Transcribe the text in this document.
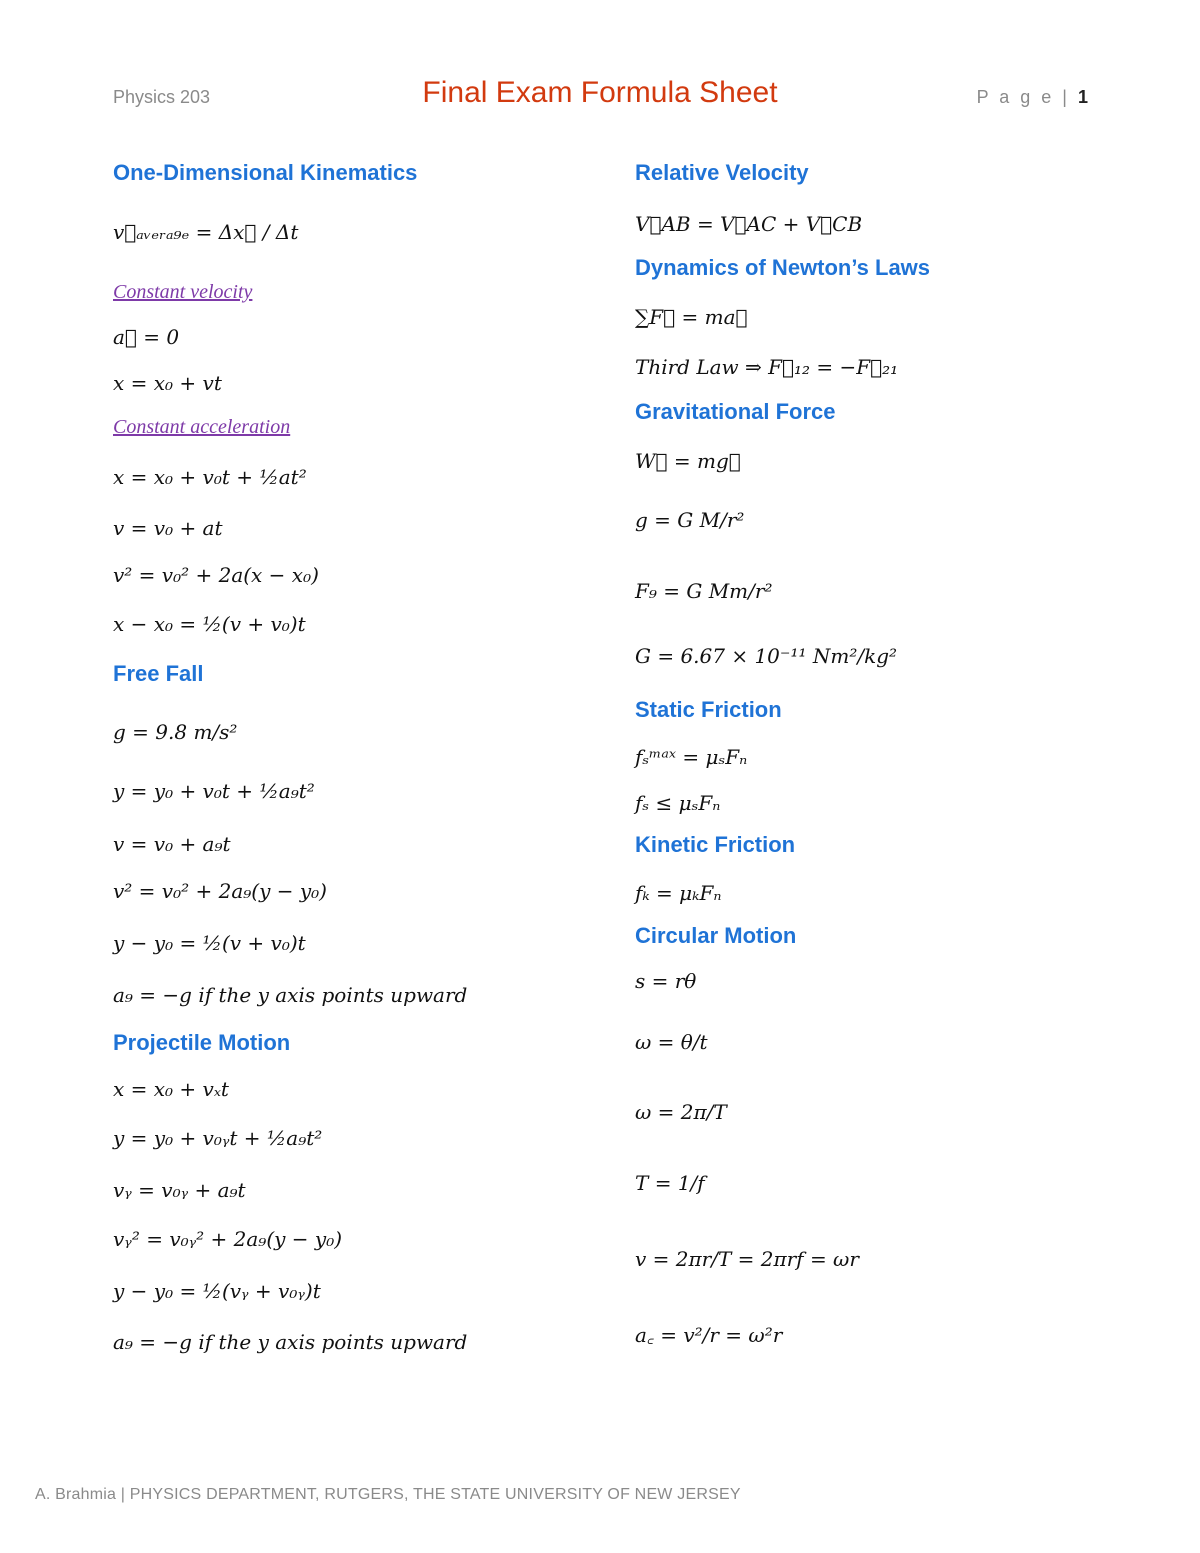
Physics 203	Final Exam Formula Sheet	P a g e | 1
One-Dimensional Kinematics
v⃗ₐᵥₑᵣₐ₉ₑ = Δx⃗ / Δt
Constant velocity
a⃗ = 0
x = x₀ + vt
Constant acceleration
x = x₀ + v₀t + ½at²
v = v₀ + at
v² = v₀² + 2a(x − x₀)
x − x₀ = ½(v + v₀)t
Free Fall
g = 9.8 m/s²
y = y₀ + v₀t + ½a₉t²
v = v₀ + a₉t
v² = v₀² + 2a₉(y − y₀)
y − y₀ = ½(v + v₀)t
a₉ = −g if the y axis points upward
Projectile Motion
x = x₀ + vₓt
y = y₀ + v₀ᵧt + ½a₉t²
vᵧ = v₀ᵧ + a₉t
vᵧ² = v₀ᵧ² + 2a₉(y − y₀)
y − y₀ = ½(vᵧ + v₀ᵧ)t
a₉ = −g if the y axis points upward
Relative Velocity
V⃗AB = V⃗AC + V⃗CB
Dynamics of Newton’s Laws
∑F⃗ = ma⃗
Third Law ⇒ F⃗₁₂ = −F⃗₂₁
Gravitational Force
W⃗ = mg⃗
g = G M/r²
F₉ = G Mm/r²
G = 6.67 × 10⁻¹¹ Nm²/kg²
Static Friction
fₛᵐᵃˣ = μₛFₙ
fₛ ≤ μₛFₙ
Kinetic Friction
fₖ = μₖFₙ
Circular Motion
s = rθ
ω = θ/t
ω = 2π/T
T = 1/f
v = 2πr/T = 2πrf = ωr
a꜀ = v²/r = ω²r
A. Brahmia | PHYSICS DEPARTMENT, RUTGERS, THE STATE UNIVERSITY OF NEW JERSEY
